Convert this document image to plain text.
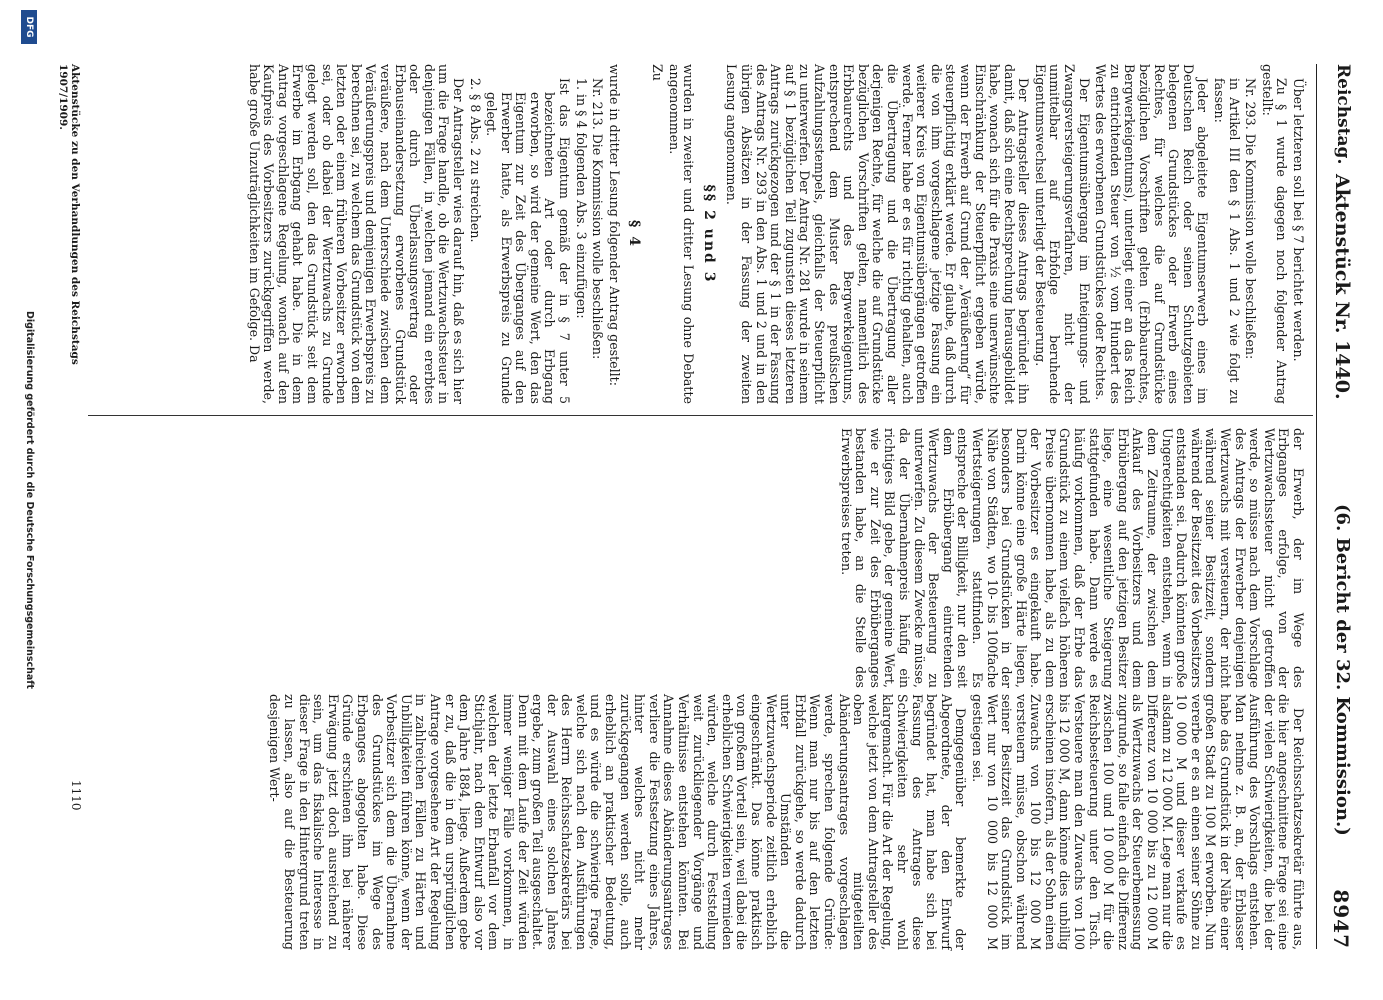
Reichstag.
Aktenstück Nr. 1440.
(6. Bericht der 32. Kommission.)
8947

Über letzteren soll bei § 7 berichtet werden.

Zu § 1 wurde dagegen noch folgender Antrag gestellt:

Nr. 293. Die Kommission wolle beschließen:

in Artikel III den § 1 Abs. 1 und 2 wie folgt zu fassen:

Jeder abgeleitete Eigentumserwerb eines im Deutschen Reich oder seinen Schutzgebieten belegenen Grundstückes oder Erwerb eines Rechtes, für welches die auf Grundstücke bezüglichen Vorschriften gelten (Erbbaurechtes, Bergwerkeigentums), unterliegt einer an das Reich zu entrichtenden Steuer von ½ vom Hundert des Wertes des erworbenen Grundstückes oder Rechtes.

Der Eigentumsübergang im Enteignungs- und Zwangsversteigerungsverfahren, nicht der unmittelbar auf Erbfolge beruhende Eigentumswechsel unterliegt der Besteuerung.

Der Antragsteller dieses Antrags begründet ihn damit, daß sich eine Rechtsprechung herausgebildet habe, wonach sich für die Praxis eine unerwünschte Einschränkung der Steuerpflicht ergeben würde, wenn der Erwerb auf Grund der „Veräußerung“ für steuerpflichtig erklärt werde. Er glaube, daß durch die von ihm vorgeschlagene jetzige Fassung ein weiterer Kreis von Eigentumsübergängen getroffen werde. Ferner habe er es für richtig gehalten, auch die Übertragung und die Übertragung aller derjenigen Rechte, für welche die auf Grundstücke bezüglichen Vorschriften gelten, namentlich des Erbbaurechts und des Bergwerkeigentums, entsprechend dem Muster des preußischen Aufzahlungsstempels, gleichfalls der Steuerpflicht zu unterwerfen. Der Antrag Nr. 281 wurde in seinem auf § 1 bezüglichen Teil zugunsten dieses letzteren Antrags zurückgezogen und der § 1 in der Fassung des Antrags Nr. 293 in den Abs. 1 und 2 und in den übrigen Absätzen in der Fassung der zweiten Lesung angenommen.

§§ 2 und 3

wurden in zweiter und dritter Lesung ohne Debatte angenommen.

Zu

§ 4

wurde in dritter Lesung folgender Antrag gestellt:

Nr. 213. Die Kommission wolle beschließen:

1. in § 4 folgenden Abs. 3 einzufügen:

Ist das Eigentum gemäß der in § 7 unter 5 bezeichneten Art oder durch Erbgang erworben, so wird der gemeine Wert, den das Eigentum zur Zeit des Überganges auf den Erwerber hatte, als Erwerbspreis zu Grunde gelegt.

2. § 8 Abs. 2 zu streichen.

Der Antragsteller wies darauf hin, daß es sich hier um die Frage handle, ob die Wertzuwachssteuer in denjenigen Fällen, in welchen jemand ein ererbtes oder durch Überlassungsvertrag oder Erbauseinandersetzung erworbenes Grundstück veräußere, nach dem Unterschiede zwischen dem Veräußerungspreis und demjenigen Erwerbspreis zu berechnen sei, zu welchem das Grundstück von dem letzten oder einem früheren Vorbesitzer erworben sei, oder ob dabei der Wertzuwachs zu Grunde gelegt werden soll, den das Grundstück seit dem Erwerbe im Erbgang gehabt habe. Die in dem Antrag vorgeschlagene Regelung, wonach auf den Kaufpreis des Vorbesitzers zurückgegriffen werde, habe große Unzuträglichkeiten im Gefolge. Da

der Erwerb, der im Wege des Erbganges erfolge, von der Wertzuwachssteuer nicht getroffen werde, so müsse nach dem Vorschlage des Antrags der Erwerber denjenigen Wertzuwachs mit versteuern, der nicht während seiner Besitzzeit, sondern während der Besitzzeit des Vorbesitzers entstanden sei. Dadurch könnten große Ungerechtigkeiten entstehen, wenn in dem Zeitraume, der zwischen dem Ankauf des Vorbesitzers und dem Erbübergang auf den jetzigen Besitzer liege, eine wesentliche Steigerung stattgefunden habe. Dann werde es häufig vorkommen, daß der Erbe das Grundstück zu einem vielfach höheren Preise übernommen habe, als zu dem der Vorbesitzer es eingekauft habe. Darin könne eine große Härte liegen, besonders bei Grundstücken in der Nähe von Städten, wo 10- bis 100fache Wertsteigerungen stattfinden. Es entspreche der Billigkeit, nur den seit dem Erbübergang eintretenden Wertzuwachs der Besteuerung zu unterwerfen. Zu diesem Zwecke müsse, da der Übernahmepreis häufig ein richtiges Bild gebe, der gemeine Wert, wie er zur Zeit des Erbüberganges bestanden habe, an die Stelle des Erwerbspreises treten.

Der Reichsschatzsekretär führte aus, die hier angeschnittene Frage sei eine der vielen Schwierigkeiten, die bei der Ausführung des Vorschlags entstehen. Man nehme z. B. an, der Erblasser habe das Grundstück in der Nähe einer großen Stadt zu 100 M erworben. Nun vererbe er es an einen seiner Söhne zu 10 000 M und dieser verkaufe es alsdann zu 12 000 M. Lege man nur die Differenz von 10 000 bis zu 12 000 M als Wertzuwachs der Steuerbemessung zugrunde, so falle einfach die Differenz zwischen 100 und 10 000 M für die Reichsbesteuerung unter den Tisch. Versteuere man den Zuwachs von 100 bis 12 000 M, dann könne dies unbillig erscheinen insofern, als der Sohn einen Zuwachs von 100 bis 12 000 M versteuern müsse, obschon während seiner Besitzzeit das Grundstück im Wert nur von 10 000 bis 12 000 M gestiegen sei.

Demgegenüber bemerkte der Abgeordnete, der den Entwurf begründet hat, man habe sich bei Fassung des Antrages diese Schwierigkeiten sehr wohl klargemacht. Für die Art der Regelung, welche jetzt von dem Antragsteller des oben mitgeteilten Abänderungsantrages vorgeschlagen werde, sprechen folgende Gründe: Wenn man nur bis auf den letzten Erbfall zurückgehe, so werde dadurch unter Umständen die Wertzuwachsperiode zeitlich erheblich eingeschränkt. Das könne praktisch von großem Vorteil sein, weil dabei die erheblichen Schwierigkeiten vermieden würden, welche durch Feststellung weit zurückliegender Vorgänge und Verhältnisse entstehen könnten. Bei Annahme dieses Abänderungsantrages verliere die Festsetzung eines Jahres, hinter welches nicht mehr zurückgegangen werden solle, auch erheblich an praktischer Bedeutung, und es würde die schwierige Frage, welche sich nach den Ausführungen des Herrn Reichsschatzsekretärs bei der Auswahl eines solchen Jahres ergebe, zum großen Teil ausgeschaltet. Denn mit dem Laufe der Zeit würden immer weniger Fälle vorkommen, in welchen der letzte Erbanfall vor dem Stichjahr, nach dem Entwurf also vor dem Jahre 1884, liege. Außerdem gebe er zu, daß die in dem ursprünglichen Antrage vorgesehene Art der Regelung in zahlreichen Fällen zu Härten und Unbilligkeiten führen könne, wenn der Vorbesitzer sich dem die Übernahme des Grundstückes im Wege des Erbganges abgegolten habe. Diese Gründe erschienen ihm bei näherer Erwägung jetzt doch ausreichend zu sein, um das fiskalische Interesse in dieser Frage in den Hintergrund treten zu lassen, also auf die Besteuerung desjenigen Wert-

Aktenstücke zu den Verhandlungen des Reichstags 1907/1909.
1110
DFG
Digitalisierung gefördert durch die Deutsche Forschungsgemeinschaft
